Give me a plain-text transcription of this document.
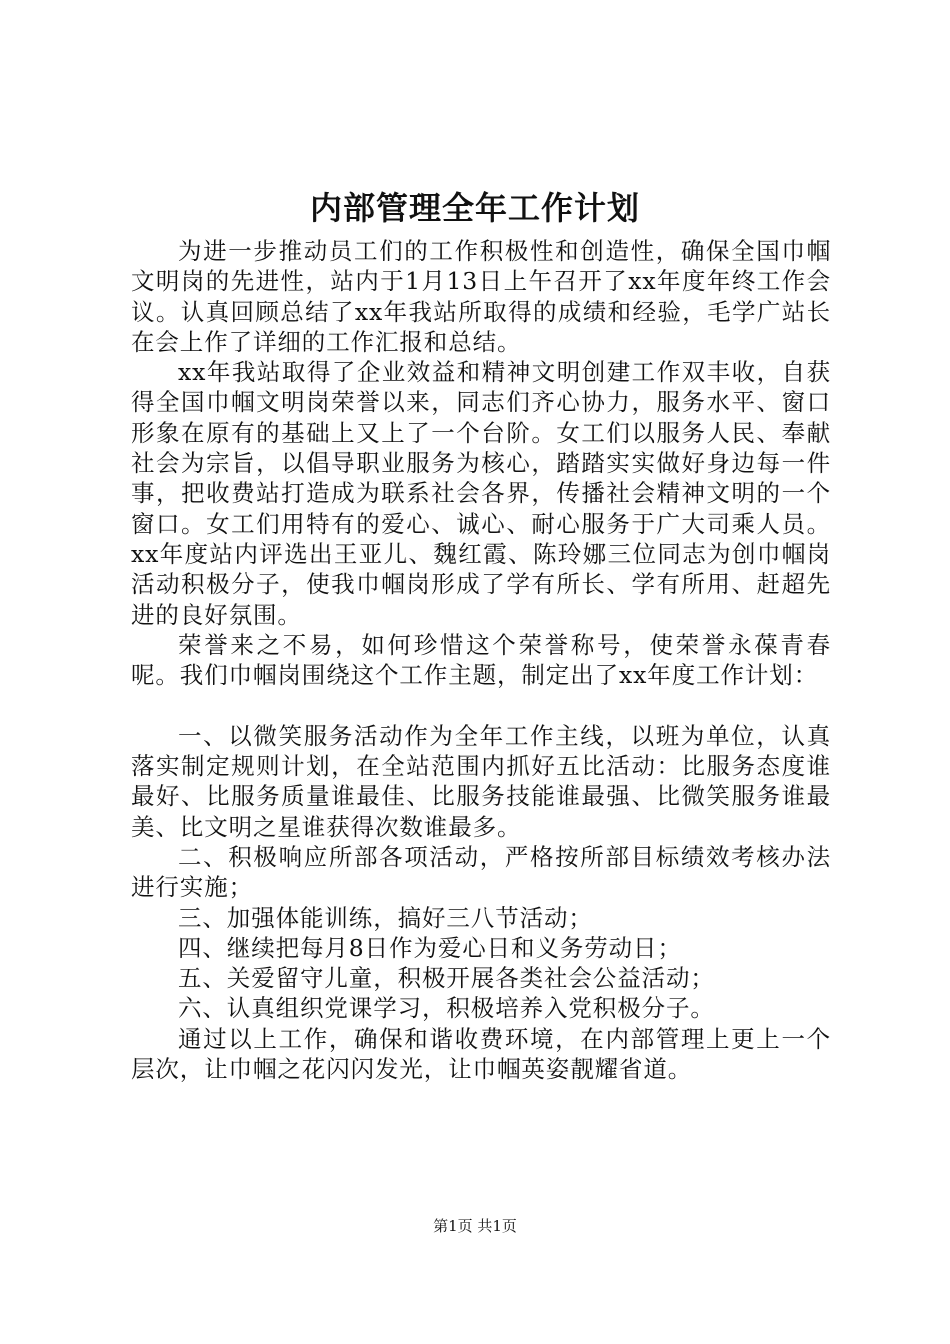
内部管理全年工作计划

为进一步推动员工们的工作积极性和创造性，确保全国巾帼文明岗的先进性，站内于1月13日上午召开了xx年度年终工作会议。认真回顾总结了xx年我站所取得的成绩和经验，毛学广站长在会上作了详细的工作汇报和总结。

xx年我站取得了企业效益和精神文明创建工作双丰收，自获得全国巾帼文明岗荣誉以来，同志们齐心协力，服务水平、窗口形象在原有的基础上又上了一个台阶。女工们以服务人民、奉献社会为宗旨，以倡导职业服务为核心，踏踏实实做好身边每一件事，把收费站打造成为联系社会各界，传播社会精神文明的一个窗口。女工们用特有的爱心、诚心、耐心服务于广大司乘人员。xx年度站内评选出王亚儿、魏红霞、陈玲娜三位同志为创巾帼岗活动积极分子，使我巾帼岗形成了学有所长、学有所用、赶超先进的良好氛围。

荣誉来之不易，如何珍惜这个荣誉称号，使荣誉永葆青春呢。我们巾帼岗围绕这个工作主题，制定出了xx年度工作计划：

一、以微笑服务活动作为全年工作主线，以班为单位，认真落实制定规则计划，在全站范围内抓好五比活动：比服务态度谁最好、比服务质量谁最佳、比服务技能谁最强、比微笑服务谁最美、比文明之星谁获得次数谁最多。

二、积极响应所部各项活动，严格按所部目标绩效考核办法进行实施；

三、加强体能训练，搞好三八节活动；

四、继续把每月8日作为爱心日和义务劳动日；

五、关爱留守儿童，积极开展各类社会公益活动；

六、认真组织党课学习，积极培养入党积极分子。

通过以上工作，确保和谐收费环境，在内部管理上更上一个层次，让巾帼之花闪闪发光，让巾帼英姿靓耀省道。

第1页 共1页
